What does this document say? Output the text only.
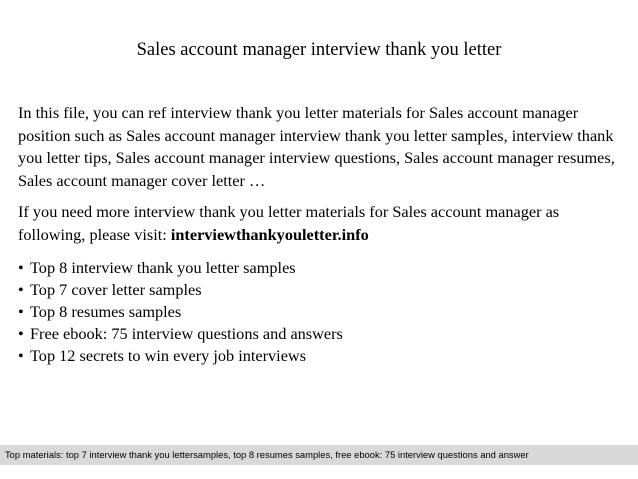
Sales account manager interview thank you letter

In this file, you can ref interview thank you letter materials for Sales account manager position such as Sales account manager interview thank you letter samples, interview thank you letter tips, Sales account manager interview questions, Sales account manager resumes, Sales account manager cover letter …

If you need more interview thank you letter materials for Sales account manager as following, please visit: interviewthankyouletter.info

• Top 8 interview thank you letter samples
• Top 7 cover letter samples
• Top 8 resumes samples
• Free ebook: 75 interview questions and answers
• Top 12 secrets to win every job interviews
Top materials: top 7 interview thank you lettersamples, top 8 resumes samples, free ebook: 75 interview questions and answer
